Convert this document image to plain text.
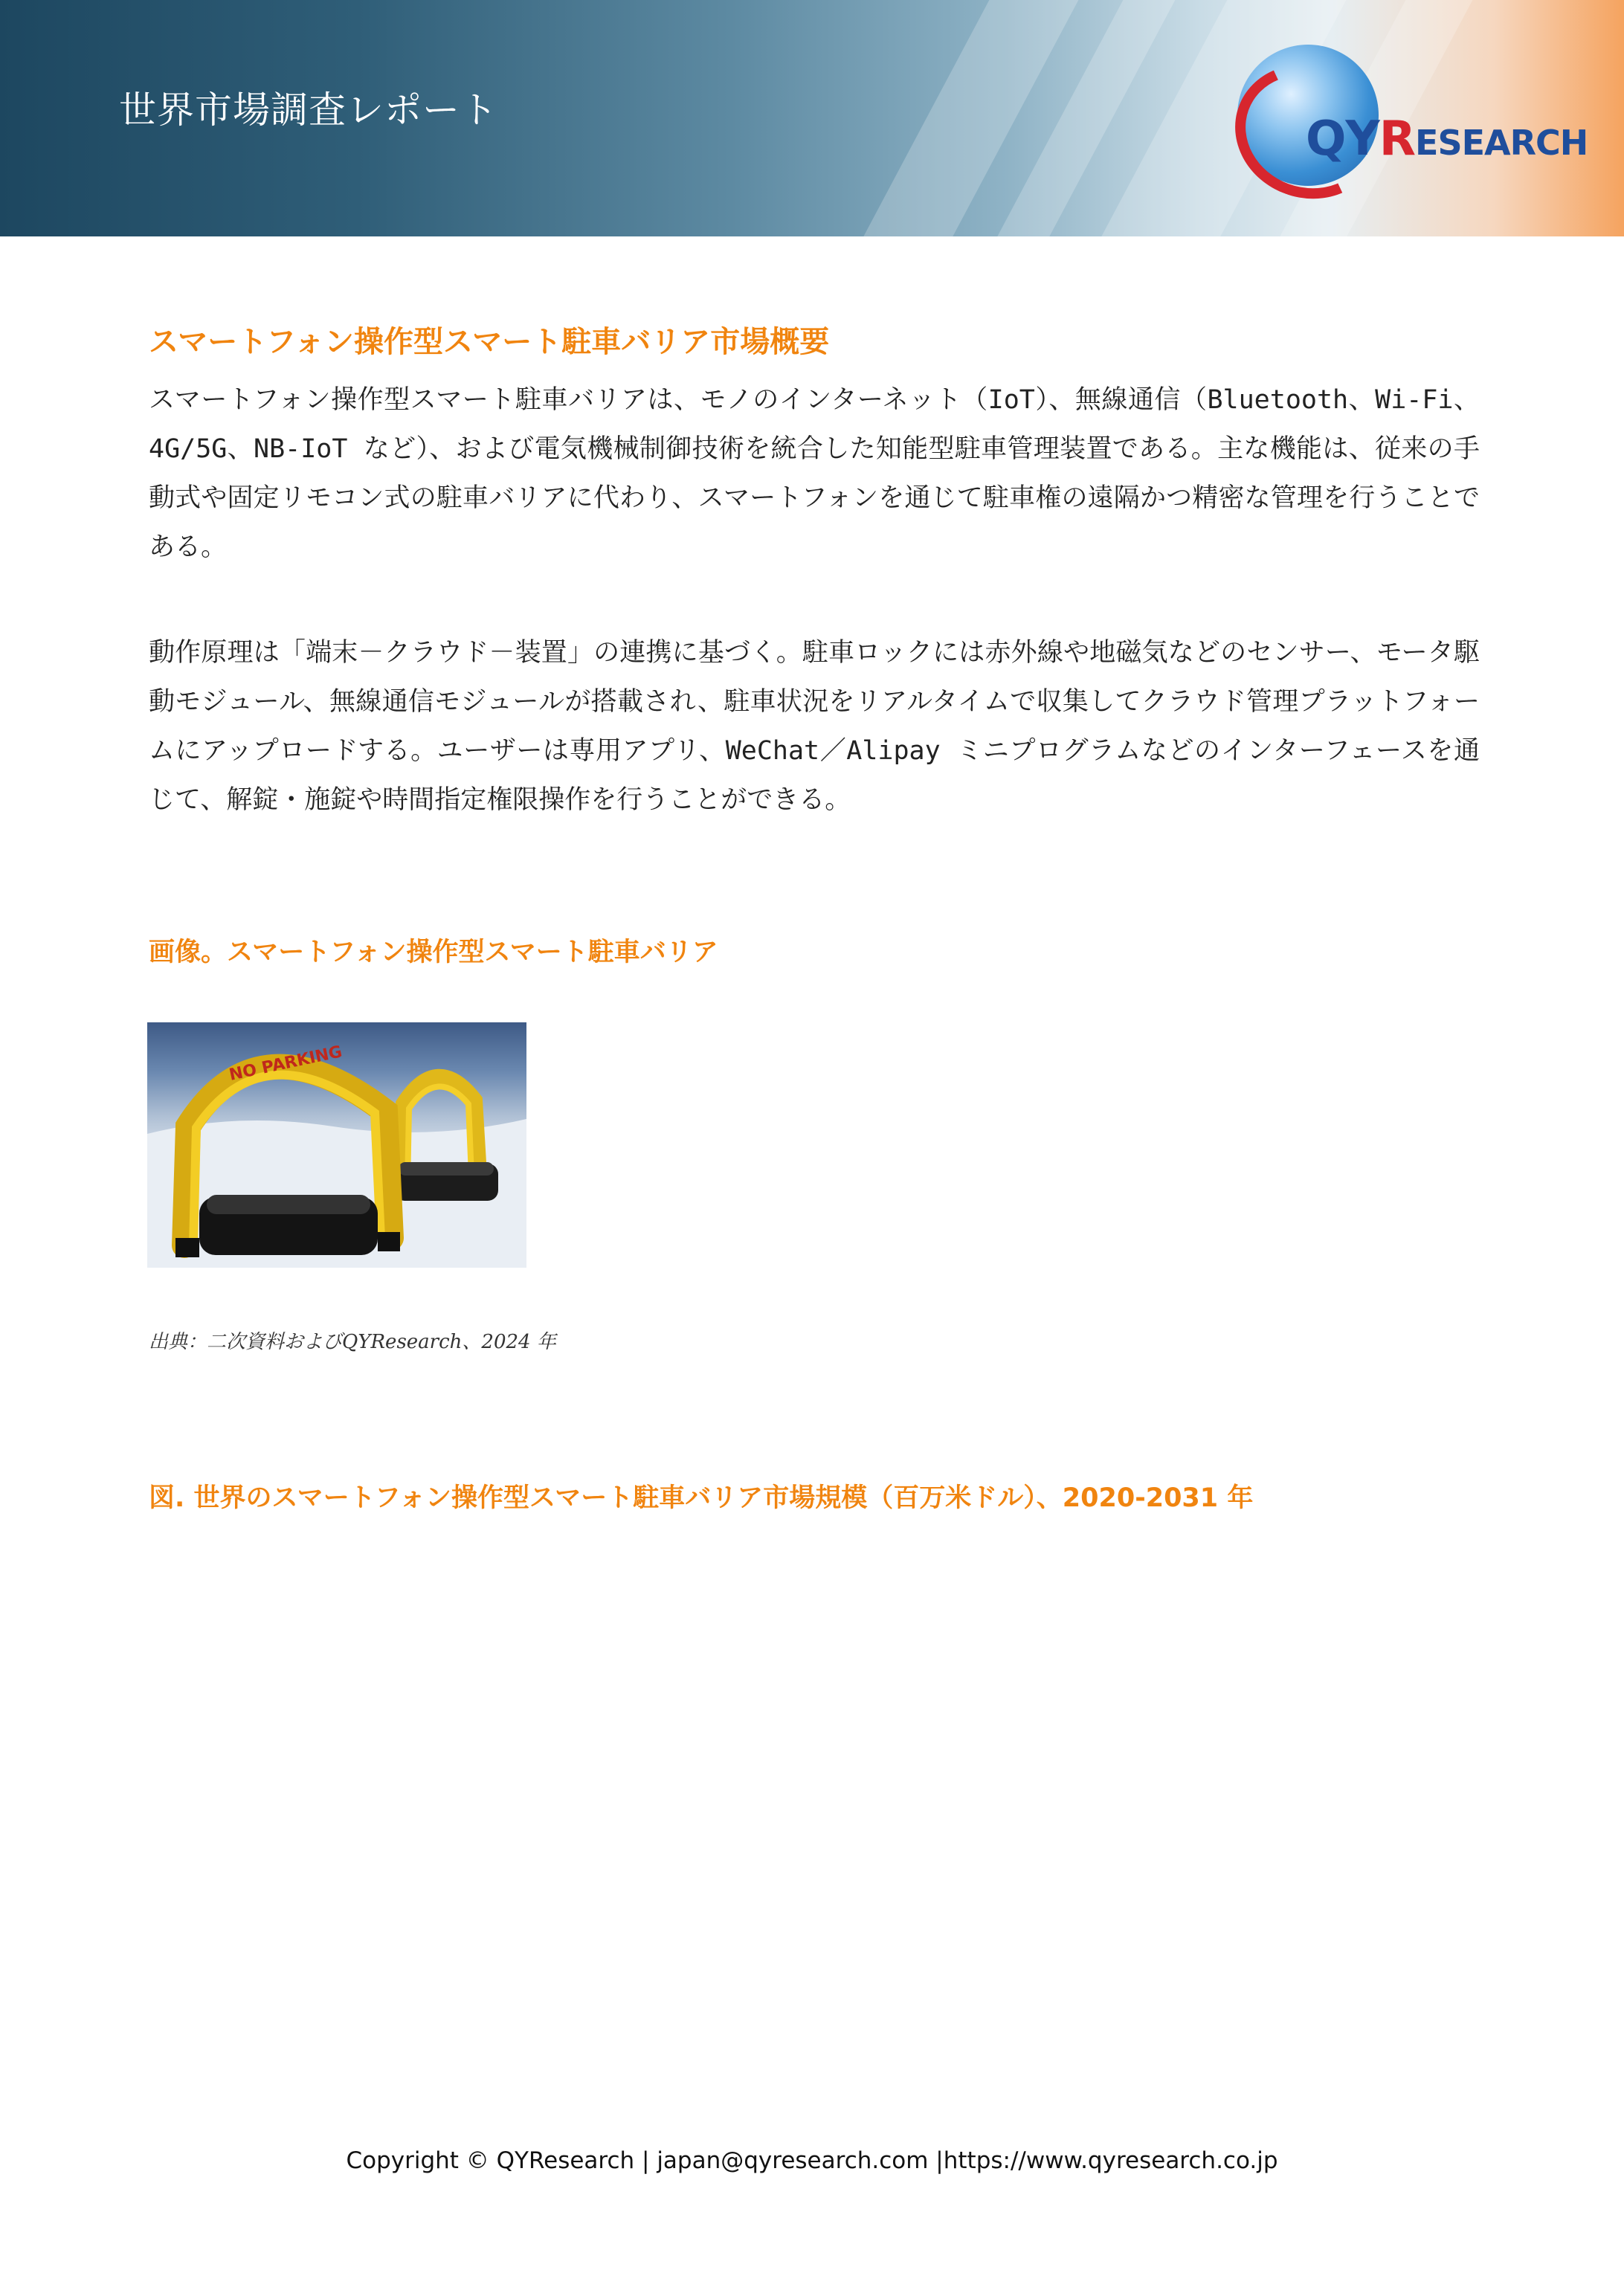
世界市場調査レポート
QYRESEARCH
スマートフォン操作型スマート駐車バリア市場概要
スマートフォン操作型スマート駐車バリアは、モノのインターネット（IoT）、無線通信（Bluetooth、Wi-Fi、4G/5G、NB-IoT など）、および電気機械制御技術を統合した知能型駐車管理装置である。主な機能は、従来の手動式や固定リモコン式の駐車バリアに代わり、スマートフォンを通じて駐車権の遠隔かつ精密な管理を行うことである。
動作原理は「端末－クラウド－装置」の連携に基づく。駐車ロックには赤外線や地磁気などのセンサー、モータ駆動モジュール、無線通信モジュールが搭載され、駐車状況をリアルタイムで収集してクラウド管理プラットフォームにアップロードする。ユーザーは専用アプリ、WeChat／Alipay ミニプログラムなどのインターフェースを通じて、解錠・施錠や時間指定権限操作を行うことができる。
画像。スマートフォン操作型スマート駐車バリア
NO PARKING
出典：二次資料およびQYResearch、2024 年
図. 世界のスマートフォン操作型スマート駐車バリア市場規模（百万米ドル）、2020-2031 年
Copyright © QYResearch | japan@qyresearch.com |https://www.qyresearch.co.jp
